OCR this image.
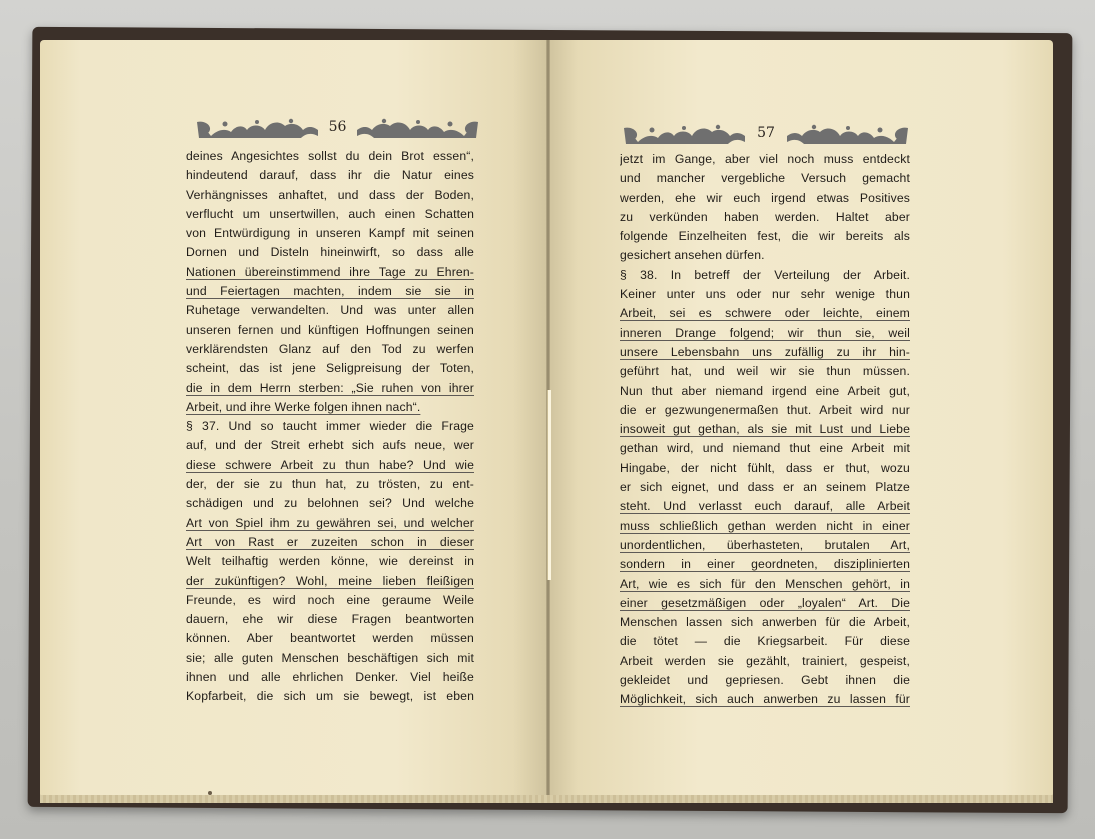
56	57
deines Angesichtes sollst du dein Brot essen“,
hindeutend darauf, dass ihr die Natur eines
Verhängnisses anhaftet, und dass der Boden,
verflucht um unsertwillen, auch einen Schatten
von Entwürdigung in unseren Kampf mit seinen
Dornen und Disteln hineinwirft, so dass alle
Nationen übereinstimmend ihre Tage zu Ehren-
und Feiertagen machten, indem sie sie in
Ruhetage verwandelten. Und was unter allen
unseren fernen und künftigen Hoffnungen seinen
verklärendsten Glanz auf den Tod zu werfen
scheint, das ist jene Seligpreisung der Toten,
die in dem Herrn sterben: „Sie ruhen von ihrer
Arbeit, und ihre Werke folgen ihnen nach“.
§ 37. Und so taucht immer wieder die Frage
auf, und der Streit erhebt sich aufs neue, wer
diese schwere Arbeit zu thun habe? Und wie
der, der sie zu thun hat, zu trösten, zu ent-
schädigen und zu belohnen sei? Und welche
Art von Spiel ihm zu gewähren sei, und welcher
Art von Rast er zuzeiten schon in dieser
Welt teilhaftig werden könne, wie dereinst in
der zukünftigen? Wohl, meine lieben fleißigen
Freunde, es wird noch eine geraume Weile
dauern, ehe wir diese Fragen beantworten
können. Aber beantwortet werden müssen
sie; alle guten Menschen beschäftigen sich mit
ihnen und alle ehrlichen Denker. Viel heiße
Kopfarbeit, die sich um sie bewegt, ist eben
jetzt im Gange, aber viel noch muss entdeckt
und mancher vergebliche Versuch gemacht
werden, ehe wir euch irgend etwas Positives
zu verkünden haben werden. Haltet aber
folgende Einzelheiten fest, die wir bereits als
gesichert ansehen dürfen.
§ 38. In betreff der Verteilung der Arbeit.
Keiner unter uns oder nur sehr wenige thun
Arbeit, sei es schwere oder leichte, einem
inneren Drange folgend; wir thun sie, weil
unsere Lebensbahn uns zufällig zu ihr hin-
geführt hat, und weil wir sie thun müssen.
Nun thut aber niemand irgend eine Arbeit gut,
die er gezwungenermaßen thut. Arbeit wird nur
insoweit gut gethan, als sie mit Lust und Liebe
gethan wird, und niemand thut eine Arbeit mit
Hingabe, der nicht fühlt, dass er thut, wozu
er sich eignet, und dass er an seinem Platze
steht. Und verlasst euch darauf, alle Arbeit
muss schließlich gethan werden nicht in einer
unordentlichen, überhasteten, brutalen Art,
sondern in einer geordneten, disziplinierten
Art, wie es sich für den Menschen gehört, in
einer gesetzmäßigen oder „loyalen“ Art. Die
Menschen lassen sich anwerben für die Arbeit,
die tötet — die Kriegsarbeit. Für diese
Arbeit werden sie gezählt, trainiert, gespeist,
gekleidet und gepriesen. Gebt ihnen die
Möglichkeit, sich auch anwerben zu lassen für
